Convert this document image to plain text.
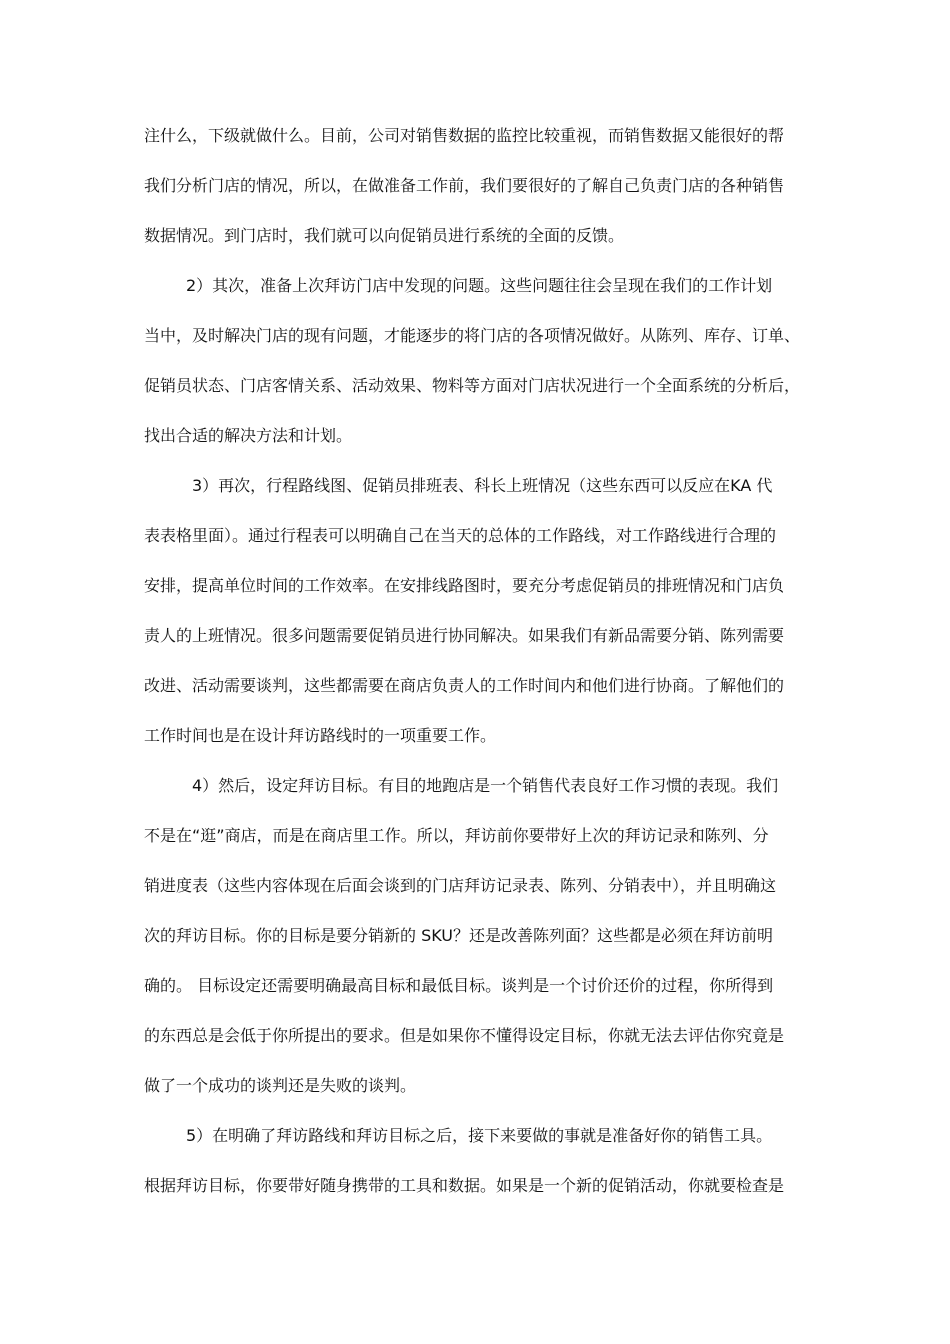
注什么，下级就做什么。目前，公司对销售数据的监控比较重视，而销售数据又能很好的帮
我们分析门店的情况，所以，在做准备工作前，我们要很好的了解自己负责门店的各种销售
数据情况。到门店时，我们就可以向促销员进行系统的全面的反馈。
2）其次，准备上次拜访门店中发现的问题。这些问题往往会呈现在我们的工作计划
当中，及时解决门店的现有问题，才能逐步的将门店的各项情况做好。从陈列、库存、订单、
促销员状态、门店客情关系、活动效果、物料等方面对门店状况进行一个全面系统的分析后，
找出合适的解决方法和计划。
3）再次，行程路线图、促销员排班表、科长上班情况（这些东西可以反应在KA 代
表表格里面）。通过行程表可以明确自己在当天的总体的工作路线，对工作路线进行合理的
安排，提高单位时间的工作效率。在安排线路图时，要充分考虑促销员的排班情况和门店负
责人的上班情况。很多问题需要促销员进行协同解决。如果我们有新品需要分销、陈列需要
改进、活动需要谈判，这些都需要在商店负责人的工作时间内和他们进行协商。了解他们的
工作时间也是在设计拜访路线时的一项重要工作。
4）然后，设定拜访目标。有目的地跑店是一个销售代表良好工作习惯的表现。我们
不是在“逛”商店，而是在商店里工作。所以，拜访前你要带好上次的拜访记录和陈列、分
销进度表（这些内容体现在后面会谈到的门店拜访记录表、陈列、分销表中），并且明确这
次的拜访目标。你的目标是要分销新的 SKU？还是改善陈列面？这些都是必须在拜访前明
确的。 目标设定还需要明确最高目标和最低目标。谈判是一个讨价还价的过程，你所得到
的东西总是会低于你所提出的要求。但是如果你不懂得设定目标，你就无法去评估你究竟是
做了一个成功的谈判还是失败的谈判。
5）在明确了拜访路线和拜访目标之后，接下来要做的事就是准备好你的销售工具。
根据拜访目标，你要带好随身携带的工具和数据。如果是一个新的促销活动，你就要检查是
